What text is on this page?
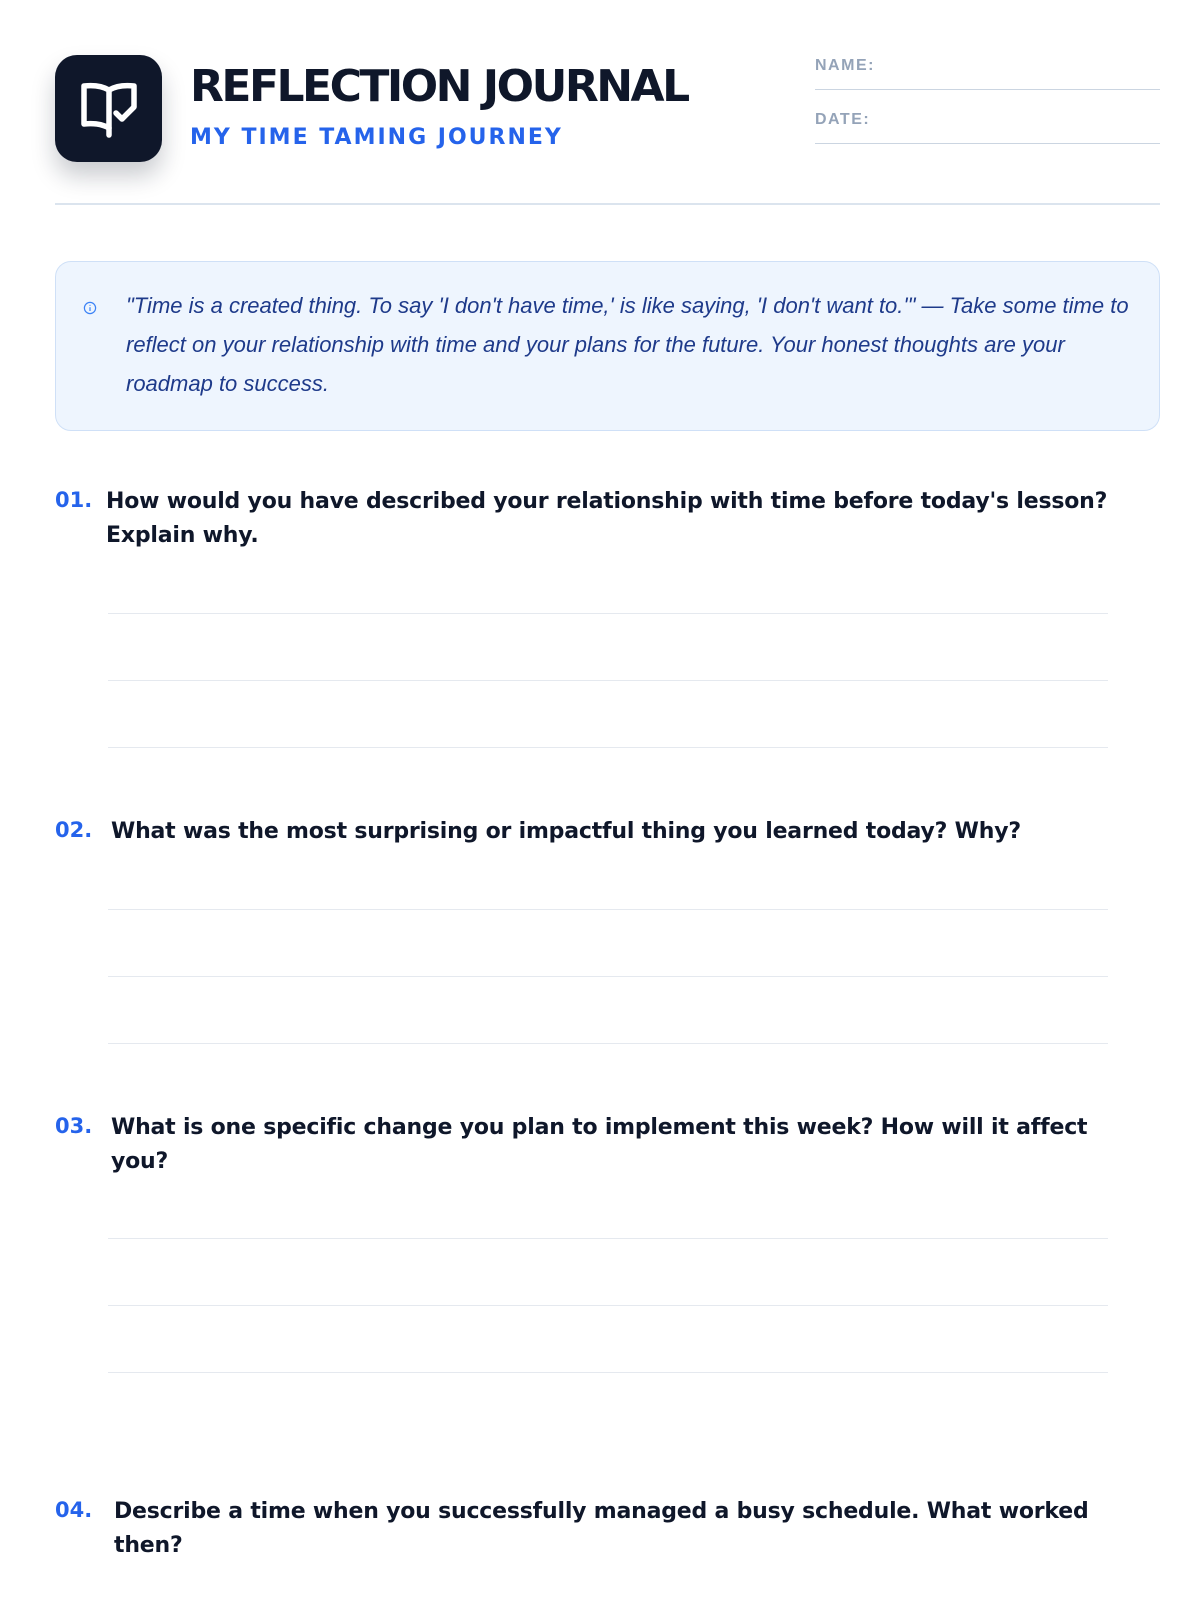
REFLECTION JOURNAL
MY TIME TAMING JOURNEY
NAME:
DATE:

"Time is a created thing. To say 'I don't have time,' is like saying, 'I don't want to.'" — Take some time to reflect on your relationship with time and your plans for the future. Your honest thoughts are your roadmap to success.

01. How would you have described your relationship with time before today's lesson? Explain why.

02. What was the most surprising or impactful thing you learned today? Why?

03. What is one specific change you plan to implement this week? How will it affect you?

04. Describe a time when you successfully managed a busy schedule. What worked then?
